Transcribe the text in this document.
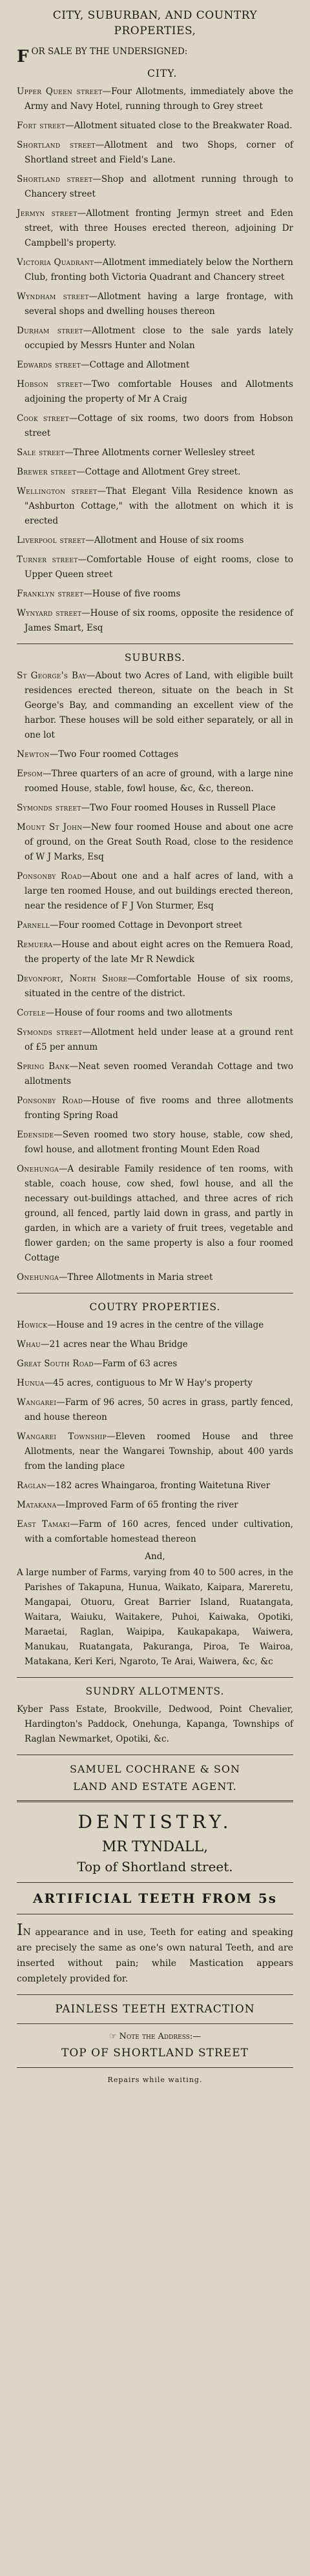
CITY, SUBURBAN, AND COUNTRY

PROPERTIES,

F OR SALE BY THE UNDERSIGNED:

CITY.

Upper Queen street—Four Allotments, immediately above the Army and Navy Hotel, running through to Grey street

Fort street—Allotment situated close to the Breakwater Road.

Shortland street—Allotment and two Shops, corner of Shortland street and Field's Lane.

Shortland street—Shop and allotment running through to Chancery street

Jermyn street—Allotment fronting Jermyn street and Eden street, with three Houses erected thereon, adjoining Dr Campbell's property.

Victoria Quadrant—Allotment immediately below the Northern Club, fronting both Victoria Quadrant and Chancery street

Wyndham street—Allotment having a large frontage, with several shops and dwelling houses thereon

Durham street—Allotment close to the sale yards lately occupied by Messrs Hunter and Nolan

Edwards street—Cottage and Allotment

Hobson street—Two comfortable Houses and Allotments adjoining the property of Mr A Craig

Cook street—Cottage of six rooms, two doors from Hobson street

Sale street—Three Allotments corner Wellesley street

Brewer street—Cottage and Allotment Grey street.

Wellington street—That Elegant Villa Residence known as "Ashburton Cottage," with the allotment on which it is erected

Liverpool street—Allotment and House of six rooms

Turner street—Comfortable House of eight rooms, close to Upper Queen street

Franklyn street—House of five rooms

Wynyard street—House of six rooms, opposite the residence of James Smart, Esq

SUBURBS.

St George's Bay—About two Acres of Land, with eligible built residences erected thereon, situate on the beach in St George's Bay, and commanding an excellent view of the harbor. These houses will be sold either separately, or all in one lot

Newton—Two Four roomed Cottages

Epsom—Three quarters of an acre of ground, with a large nine roomed House, stable, fowl house, &c, &c, thereon.

Symonds street—Two Four roomed Houses in Russell Place

Mount St John—New four roomed House and about one acre of ground, on the Great South Road, close to the residence of W J Marks, Esq

Ponsonby Road—About one and a half acres of land, with a large ten roomed House, and out buildings erected thereon, near the residence of F J Von Sturmer, Esq

Parnell—Four roomed Cottage in Devonport street

Remuera—House and about eight acres on the Remuera Road, the property of the late Mr R Newdick

Devonport, North Shore—Comfortable House of six rooms, situated in the centre of the district.

Cotele—House of four rooms and two allotments

Symonds street—Allotment held under lease at a ground rent of £5 per annum

Spring Bank—Neat seven roomed Verandah Cottage and two allotments

Ponsonby Road—House of five rooms and three allotments fronting Spring Road

Edenside—Seven roomed two story house, stable, cow shed, fowl house, and allotment fronting Mount Eden Road

Onehunga—A desirable Family residence of ten rooms, with stable, coach house, cow shed, fowl house, and all the necessary out-buildings attached, and three acres of rich ground, all fenced, partly laid down in grass, and partly in garden, in which are a variety of fruit trees, vegetable and flower garden; on the same property is also a four roomed Cottage

Onehunga—Three Allotments in Maria street

COUTRY PROPERTIES.

Howick—House and 19 acres in the centre of the village

Whau—21 acres near the Whau Bridge

Great South Road—Farm of 63 acres

Hunua—45 acres, contiguous to Mr W Hay's property

Wangarei—Farm of 96 acres, 50 acres in grass, partly fenced, and house thereon

Wangarei Township—Eleven roomed House and three Allotments, near the Wangarei Township, about 400 yards from the landing place

Raglan—182 acres Whaingaroa, fronting Waitetuna River

Matakana—Improved Farm of 65 fronting the river

East Tamaki—Farm of 160 acres, fenced under cultivation, with a comfortable homestead thereon

And,

A large number of Farms, varying from 40 to 500 acres, in the Parishes of Takapuna, Hunua, Waikato, Kaipara, Mareretu, Mangapai, Otuoru, Great Barrier Island, Ruatangata, Waitara, Waiuku, Waitakere, Puhoi, Kaiwaka, Opotiki, Maraetai, Raglan, Waipipa, Kaukapakapa, Waiwera, Manukau, Ruatangata, Pakuranga, Piroa, Te Wairoa, Matakana, Keri Keri, Ngaroto, Te Arai, Waiwera, &c, &c

SUNDRY ALLOTMENTS.

Kyber Pass Estate, Brookville, Dedwood, Point Chevalier, Hardington's Paddock, Onehunga, Kapanga, Townships of Raglan Newmarket, Opotiki, &c.

SAMUEL COCHRANE & SON
LAND AND ESTATE AGENT.
DENTISTRY.
MR TYNDALL,
Top of Shortland street.
ARTIFICIAL TEETH FROM 5s

IN appearance and in use, Teeth for eating and speaking are precisely the same as one's own natural Teeth, and are inserted without pain; while Mastication appears completely provided for.

PAINLESS TEETH EXTRACTION
☞ Note the Address:—
TOP OF SHORTLAND STREET
Repairs while waiting.
